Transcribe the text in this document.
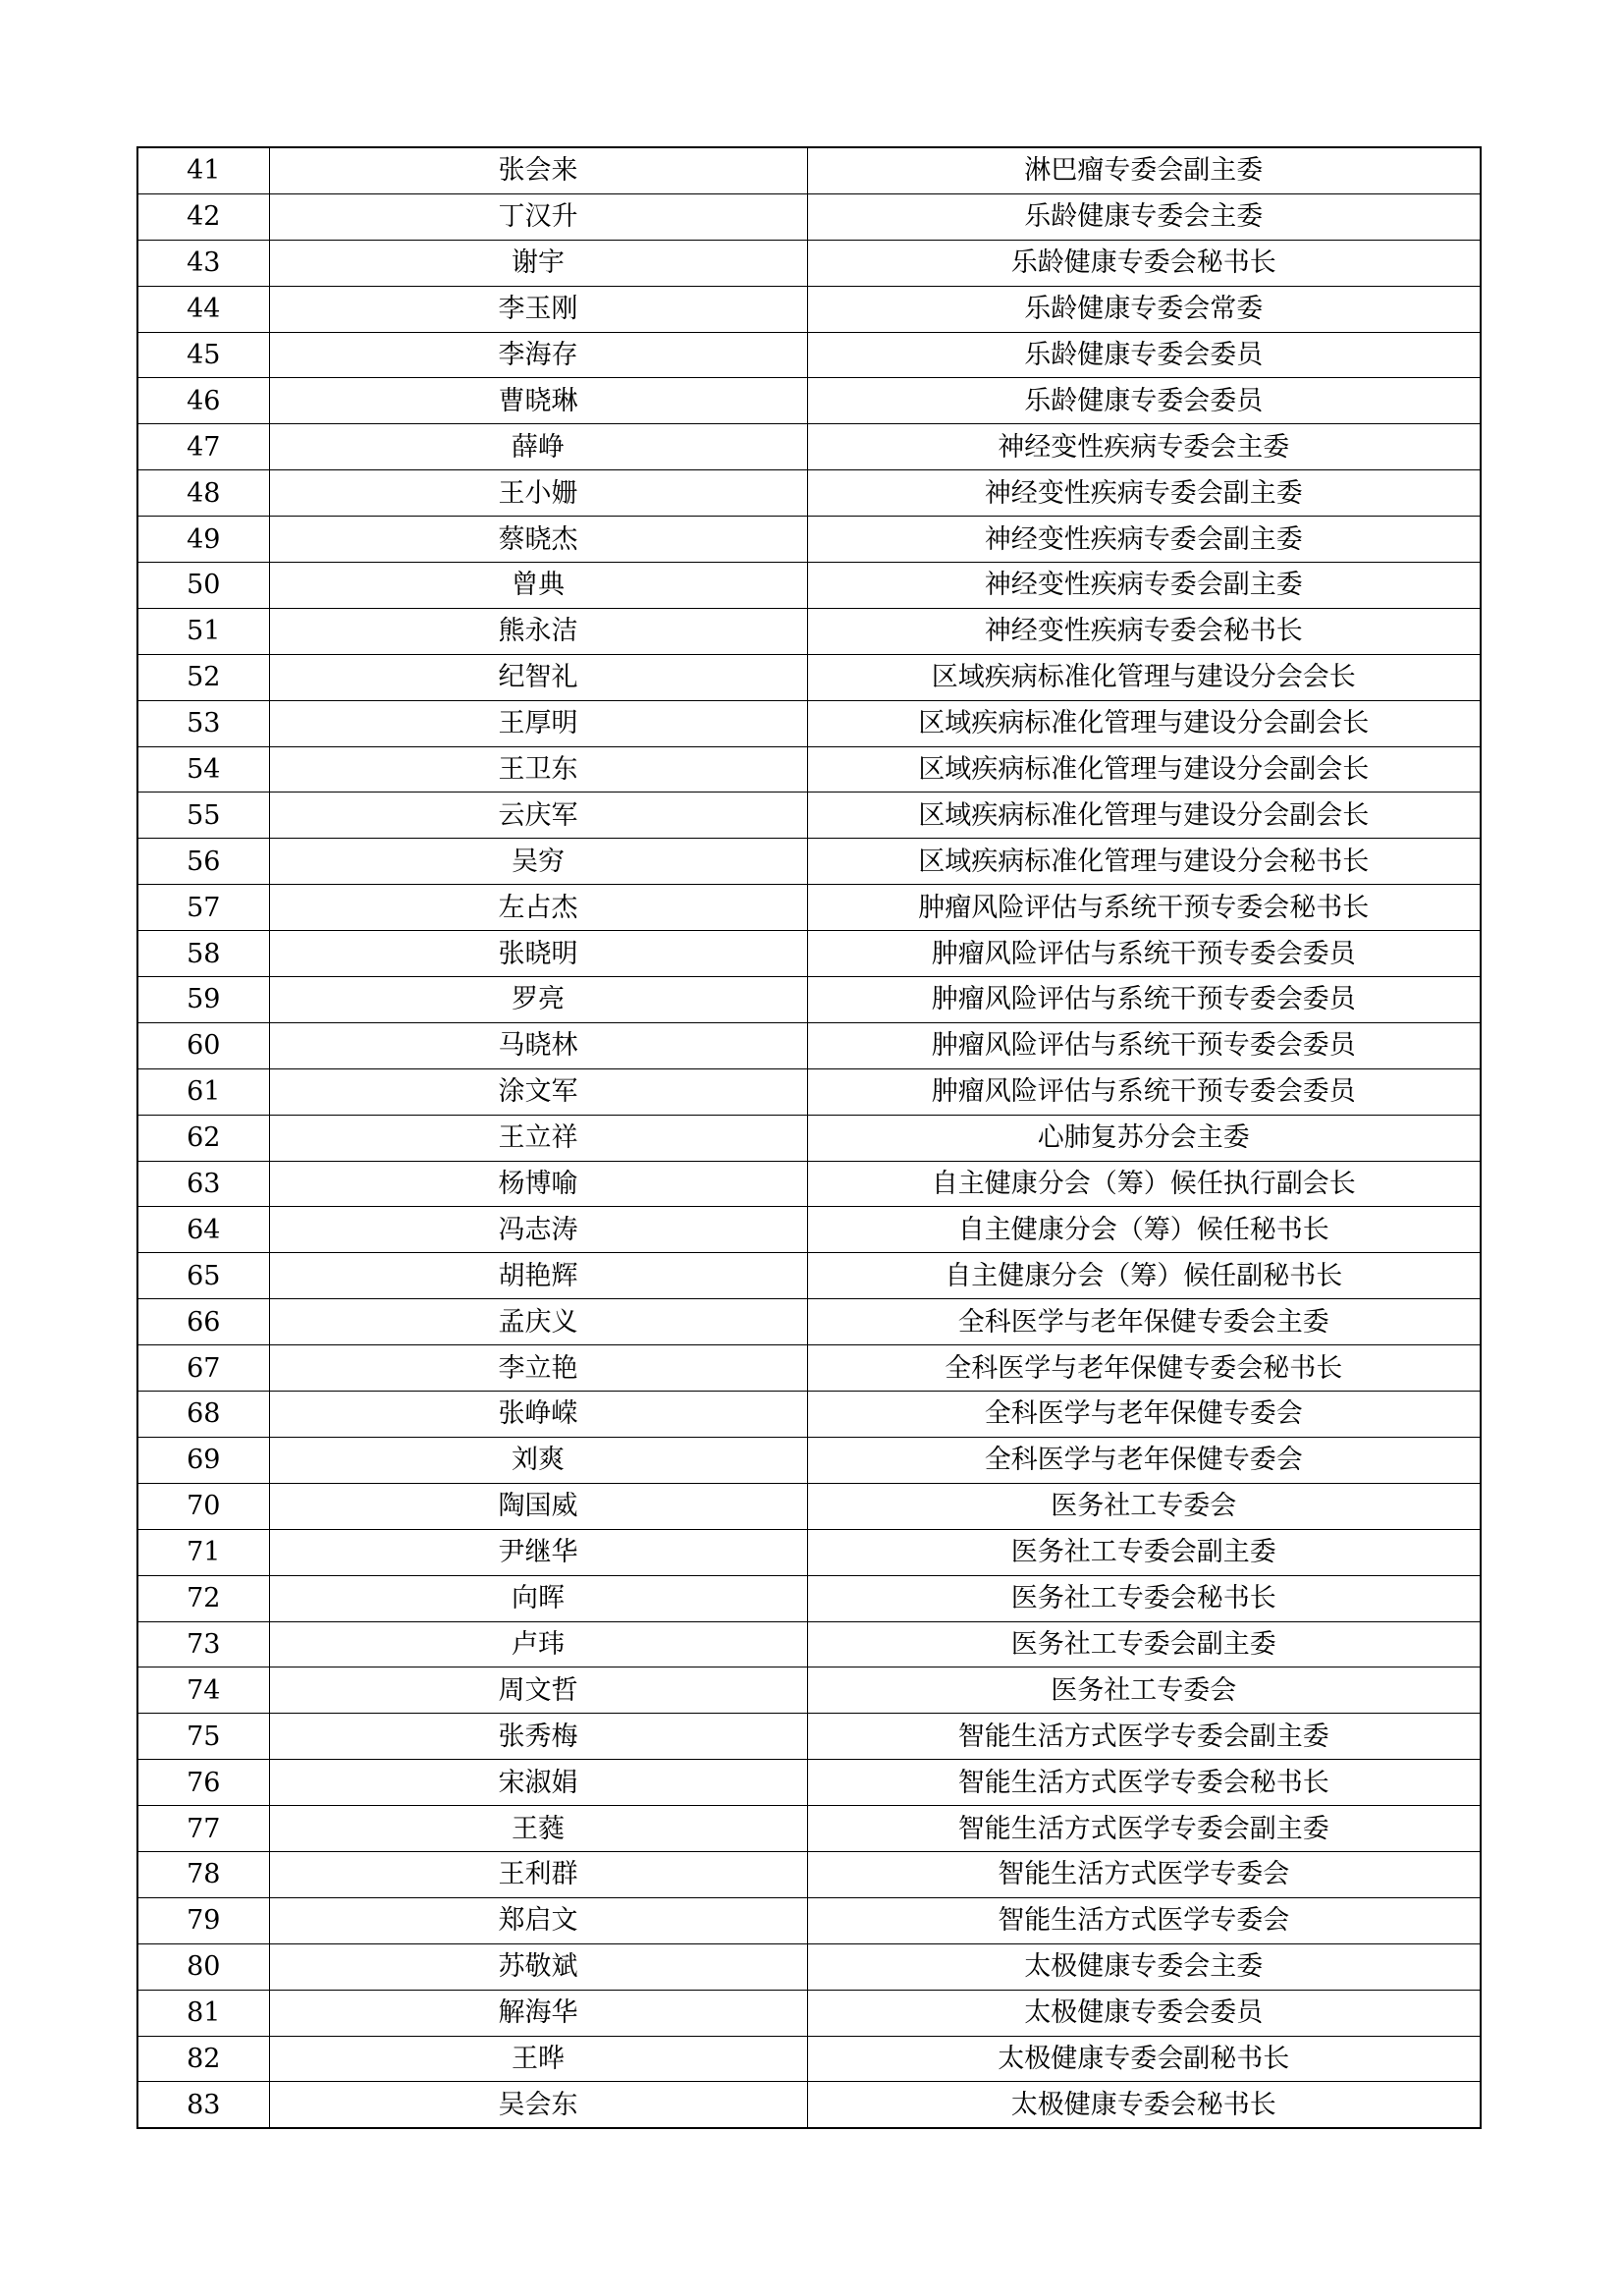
41	张会来	淋巴瘤专委会副主委
42	丁汉升	乐龄健康专委会主委
43	谢宇	乐龄健康专委会秘书长
44	李玉刚	乐龄健康专委会常委
45	李海存	乐龄健康专委会委员
46	曹晓琳	乐龄健康专委会委员
47	薛峥	神经变性疾病专委会主委
48	王小姗	神经变性疾病专委会副主委
49	蔡晓杰	神经变性疾病专委会副主委
50	曾典	神经变性疾病专委会副主委
51	熊永洁	神经变性疾病专委会秘书长
52	纪智礼	区域疾病标准化管理与建设分会会长
53	王厚明	区域疾病标准化管理与建设分会副会长
54	王卫东	区域疾病标准化管理与建设分会副会长
55	云庆军	区域疾病标准化管理与建设分会副会长
56	吴穷	区域疾病标准化管理与建设分会秘书长
57	左占杰	肿瘤风险评估与系统干预专委会秘书长
58	张晓明	肿瘤风险评估与系统干预专委会委员
59	罗亮	肿瘤风险评估与系统干预专委会委员
60	马晓林	肿瘤风险评估与系统干预专委会委员
61	涂文军	肿瘤风险评估与系统干预专委会委员
62	王立祥	心肺复苏分会主委
63	杨博喻	自主健康分会（筹）候任执行副会长
64	冯志涛	自主健康分会（筹）候任秘书长
65	胡艳辉	自主健康分会（筹）候任副秘书长
66	孟庆义	全科医学与老年保健专委会主委
67	李立艳	全科医学与老年保健专委会秘书长
68	张峥嵘	全科医学与老年保健专委会
69	刘爽	全科医学与老年保健专委会
70	陶国威	医务社工专委会
71	尹继华	医务社工专委会副主委
72	向晖	医务社工专委会秘书长
73	卢玮	医务社工专委会副主委
74	周文哲	医务社工专委会
75	张秀梅	智能生活方式医学专委会副主委
76	宋淑娟	智能生活方式医学专委会秘书长
77	王蕤	智能生活方式医学专委会副主委
78	王利群	智能生活方式医学专委会
79	郑启文	智能生活方式医学专委会
80	苏敬斌	太极健康专委会主委
81	解海华	太极健康专委会委员
82	王晔	太极健康专委会副秘书长
83	吴会东	太极健康专委会秘书长
